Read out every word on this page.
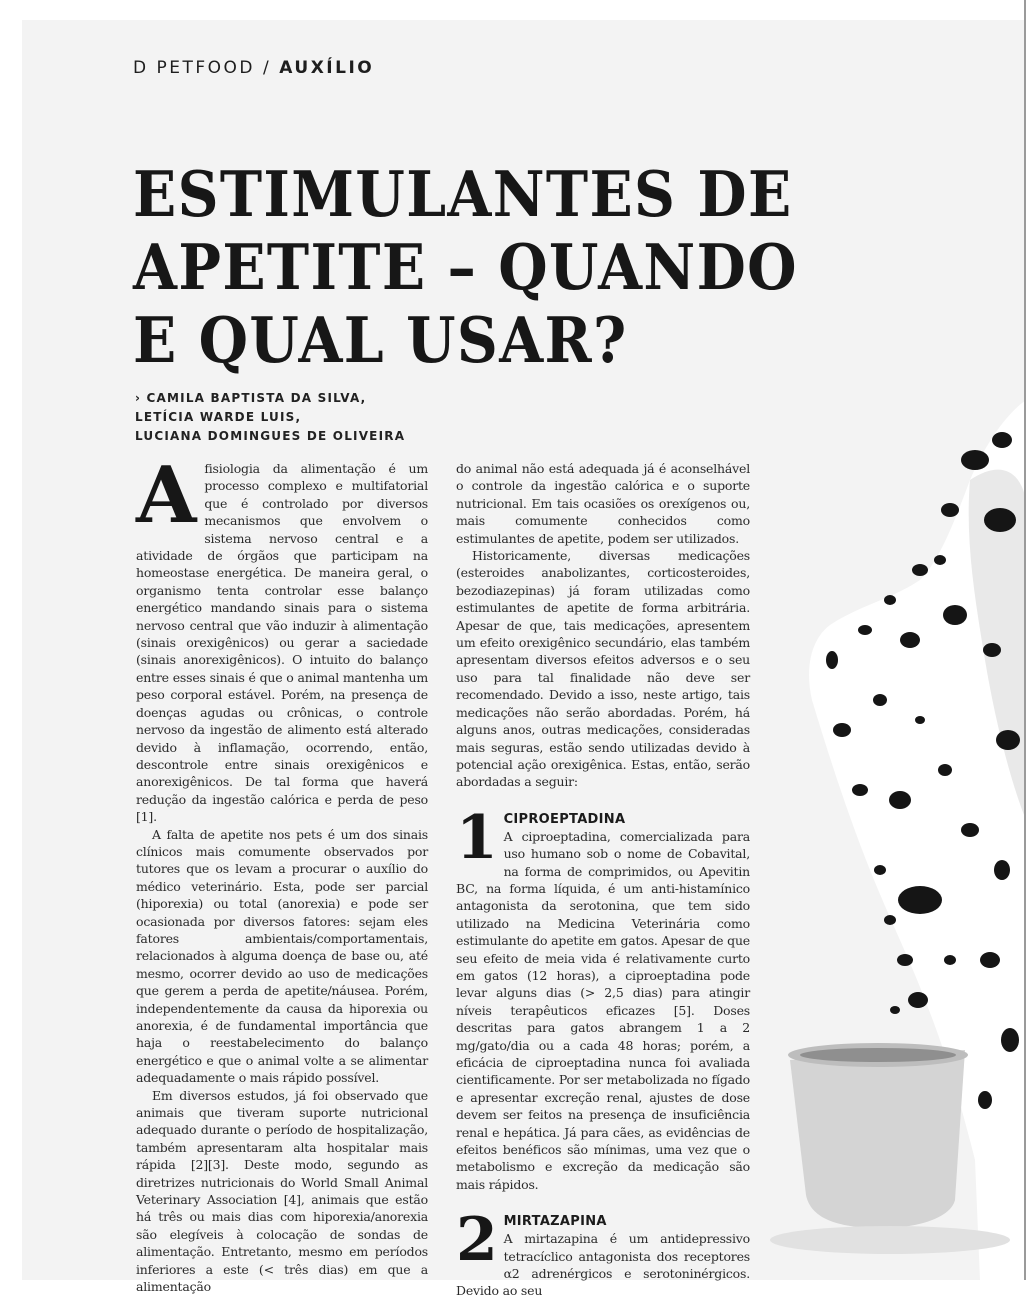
D PETFOOD / AUXÍLIO
ESTIMULANTES DE
APETITE – QUANDO
E QUAL USAR?
› CAMILA BAPTISTA DA SILVA,
LETÍCIA WARDE LUIS,
LUCIANA DOMINGUES DE OLIVEIRA

Afisiologia da alimentação é um processo complexo e multifatorial que é controlado por diversos mecanismos que envolvem o sistema nervoso central e a atividade de órgãos que participam na homeostase energética. De maneira geral, o organismo tenta controlar esse balanço energético mandando sinais para o sistema nervoso central que vão induzir à alimentação (sinais orexigênicos) ou gerar a saciedade (sinais anorexigênicos). O intuito do balanço entre esses sinais é que o animal mantenha um peso corporal estável. Porém, na presença de doenças agudas ou crônicas, o controle nervoso da ingestão de alimento está alterado devido à inflamação, ocorrendo, então, descontrole entre sinais orexigênicos e anorexigênicos. De tal forma que haverá redução da ingestão calórica e perda de peso [1].

A falta de apetite nos pets é um dos sinais clínicos mais comumente observados por tutores que os levam a procurar o auxílio do médico veterinário. Esta, pode ser parcial (hiporexia) ou total (anorexia) e pode ser ocasionada por diversos fatores: sejam eles fatores ambientais/comportamentais, relacionados à alguma doença de base ou, até mesmo, ocorrer devido ao uso de medicações que gerem a perda de apetite/náusea. Porém, independentemente da causa da hiporexia ou anorexia, é de fundamental importância que haja o reestabelecimento do balanço energético e que o animal volte a se alimentar adequadamente o mais rápido possível.

Em diversos estudos, já foi observado que animais que tiveram suporte nutricional adequado durante o período de hospitalização, também apresentaram alta hospitalar mais rápida [2][3]. Deste modo, segundo as diretrizes nutricionais do World Small Animal Veterinary Association [4], animais que estão há três ou mais dias com hiporexia/anorexia são elegíveis à colocação de sondas de alimentação. Entretanto, mesmo em períodos inferiores a este (< três dias) em que a alimentação

do animal não está adequada já é aconselhável o controle da ingestão calórica e o suporte nutricional. Em tais ocasiões os orexígenos ou, mais comumente conhecidos como estimulantes de apetite, podem ser utilizados.

Historicamente, diversas medicações (esteroides anabolizantes, corticosteroides, bezodiazepinas) já foram utilizadas como estimulantes de apetite de forma arbitrária. Apesar de que, tais medicações, apresentem um efeito orexigênico secundário, elas também apresentam diversos efeitos adversos e o seu uso para tal finalidade não deve ser recomendado. Devido a isso, neste artigo, tais medicações não serão abordadas. Porém, há alguns anos, outras medicações, consideradas mais seguras, estão sendo utilizadas devido à potencial ação orexigênica. Estas, então, serão abordadas a seguir:

1 CIPROEPTADINA

A ciproeptadina, comercializada para uso humano sob o nome de Cobavital, na forma de comprimidos, ou Apevitin BC, na forma líquida, é um anti-histamínico antagonista da serotonina, que tem sido utilizado na Medicina Veterinária como estimulante do apetite em gatos. Apesar de que seu efeito de meia vida é relativamente curto em gatos (12 horas), a ciproeptadina pode levar alguns dias (> 2,5 dias) para atingir níveis terapêuticos eficazes [5]. Doses descritas para gatos abrangem 1 a 2 mg/gato/dia ou a cada 48 horas; porém, a eficácia de ciproeptadina nunca foi avaliada cientificamente. Por ser metabolizada no fígado e apresentar excreção renal, ajustes de dose devem ser feitos na presença de insuficiência renal e hepática. Já para cães, as evidências de efeitos benéficos são mínimas, uma vez que o metabolismo e excreção da medicação são mais rápidos.

2 MIRTAZAPINA

A mirtazapina é um antidepressivo tetracíclico antagonista dos receptores α2 adrenérgicos e serotoninérgicos. Devido ao seu
